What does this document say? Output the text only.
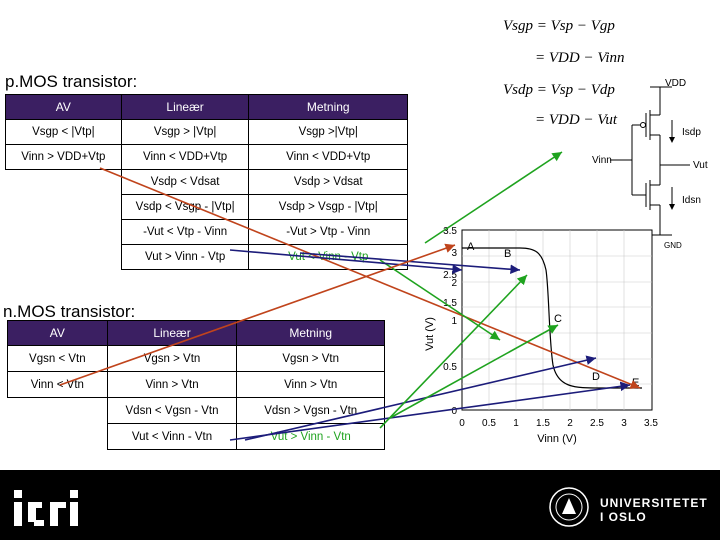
Vsgp = Vsp − Vgp
= VDD − Vinn
Vsdp = Vsp − Vdp
= VDD − Vut
VDD
Isdp
Vinn	Vut
Idsn
GND
Vut (V)
Vinn (V)
0
0.5
1
1.5
2
2.5
3
3.5
0 0.5 1 1.5 2 2.5 3 3.5
A
B
C
D	E
p.MOS transistor:
AV	Lineær	Metning
Vsgp < |Vtp|	Vsgp > |Vtp|	Vsgp >|Vtp|
Vinn > VDD+Vtp	Vinn < VDD+Vtp	Vinn < VDD+Vtp
	Vsdp < Vdsat	Vsdp > Vdsat
	Vsdp < Vsgp - |Vtp|	Vsdp > Vsgp - |Vtp|
	-Vut < Vtp - Vinn	-Vut > Vtp - Vinn
	Vut > Vinn - Vtp	Vut < Vinn - Vtp
n.MOS transistor:
AV	Lineær	Metning
Vgsn < Vtn	Vgsn > Vtn	Vgsn > Vtn
Vinn < Vtn	Vinn > Vtn	Vinn > Vtn
	Vdsn < Vgsn - Vtn	Vdsn > Vgsn - Vtn
	Vut < Vinn - Vtn	Vut > Vinn - Vtn
UNIVERSITETET
I OSLO
